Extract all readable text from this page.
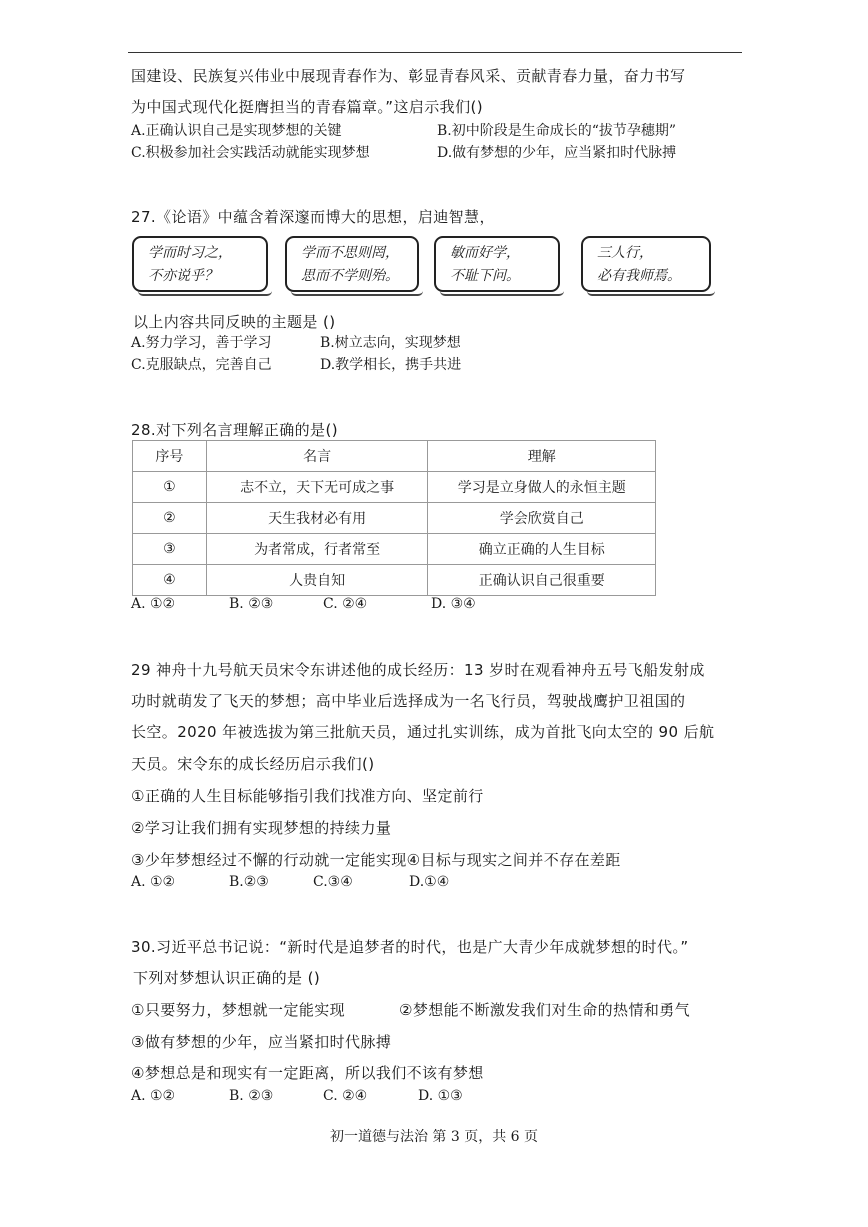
国建设、民族复兴伟业中展现青春作为、彰显青春风采、贡献青春力量，奋力书写
为中国式现代化挺膺担当的青春篇章。”这启示我们()
A.正确认识自己是实现梦想的关键	B.初中阶段是生命成长的“拔节孕穗期”
C.积极参加社会实践活动就能实现梦想	D.做有梦想的少年，应当紧扣时代脉搏
27.《论语》中蕴含着深邃而博大的思想，启迪智慧，
学而时习之，
不亦说乎？
学而不思则罔，
思而不学则殆。
敏而好学，
不耻下问。
三人行，
必有我师焉。
以上内容共同反映的主题是 ()
A.努力学习，善于学习	B.树立志向，实现梦想
C.克服缺点，完善自己	D.教学相长，携手共进
28.对下列名言理解正确的是()
序号	名言	理解
①	志不立，天下无可成之事	学习是立身做人的永恒主题
②	天生我材必有用	学会欣赏自己
③	为者常成，行者常至	确立正确的人生目标
④	人贵自知	正确认识自己很重要
A. ①②	B. ②③	C. ②④	D. ③④
29 神舟十九号航天员宋令东讲述他的成长经历：13 岁时在观看神舟五号飞船发射成
功时就萌发了飞天的梦想；高中毕业后选择成为一名飞行员，驾驶战鹰护卫祖国的
长空。2020 年被选拔为第三批航天员，通过扎实训练，成为首批飞向太空的 90 后航
天员。宋令东的成长经历启示我们()
①正确的人生目标能够指引我们找准方向、坚定前行
②学习让我们拥有实现梦想的持续力量
③少年梦想经过不懈的行动就一定能实现④目标与现实之间并不存在差距
A. ①②	B.②③	C.③④	D.①④
30.习近平总书记说：“新时代是追梦者的时代，也是广大青少年成就梦想的时代。”
下列对梦想认识正确的是 ()
①只要努力，梦想就一定能实现	②梦想能不断激发我们对生命的热情和勇气
③做有梦想的少年，应当紧扣时代脉搏
④梦想总是和现实有一定距离，所以我们不该有梦想
A. ①②	B. ②③	C. ②④	D. ①③
初一道德与法治 第 3 页，共 6 页
